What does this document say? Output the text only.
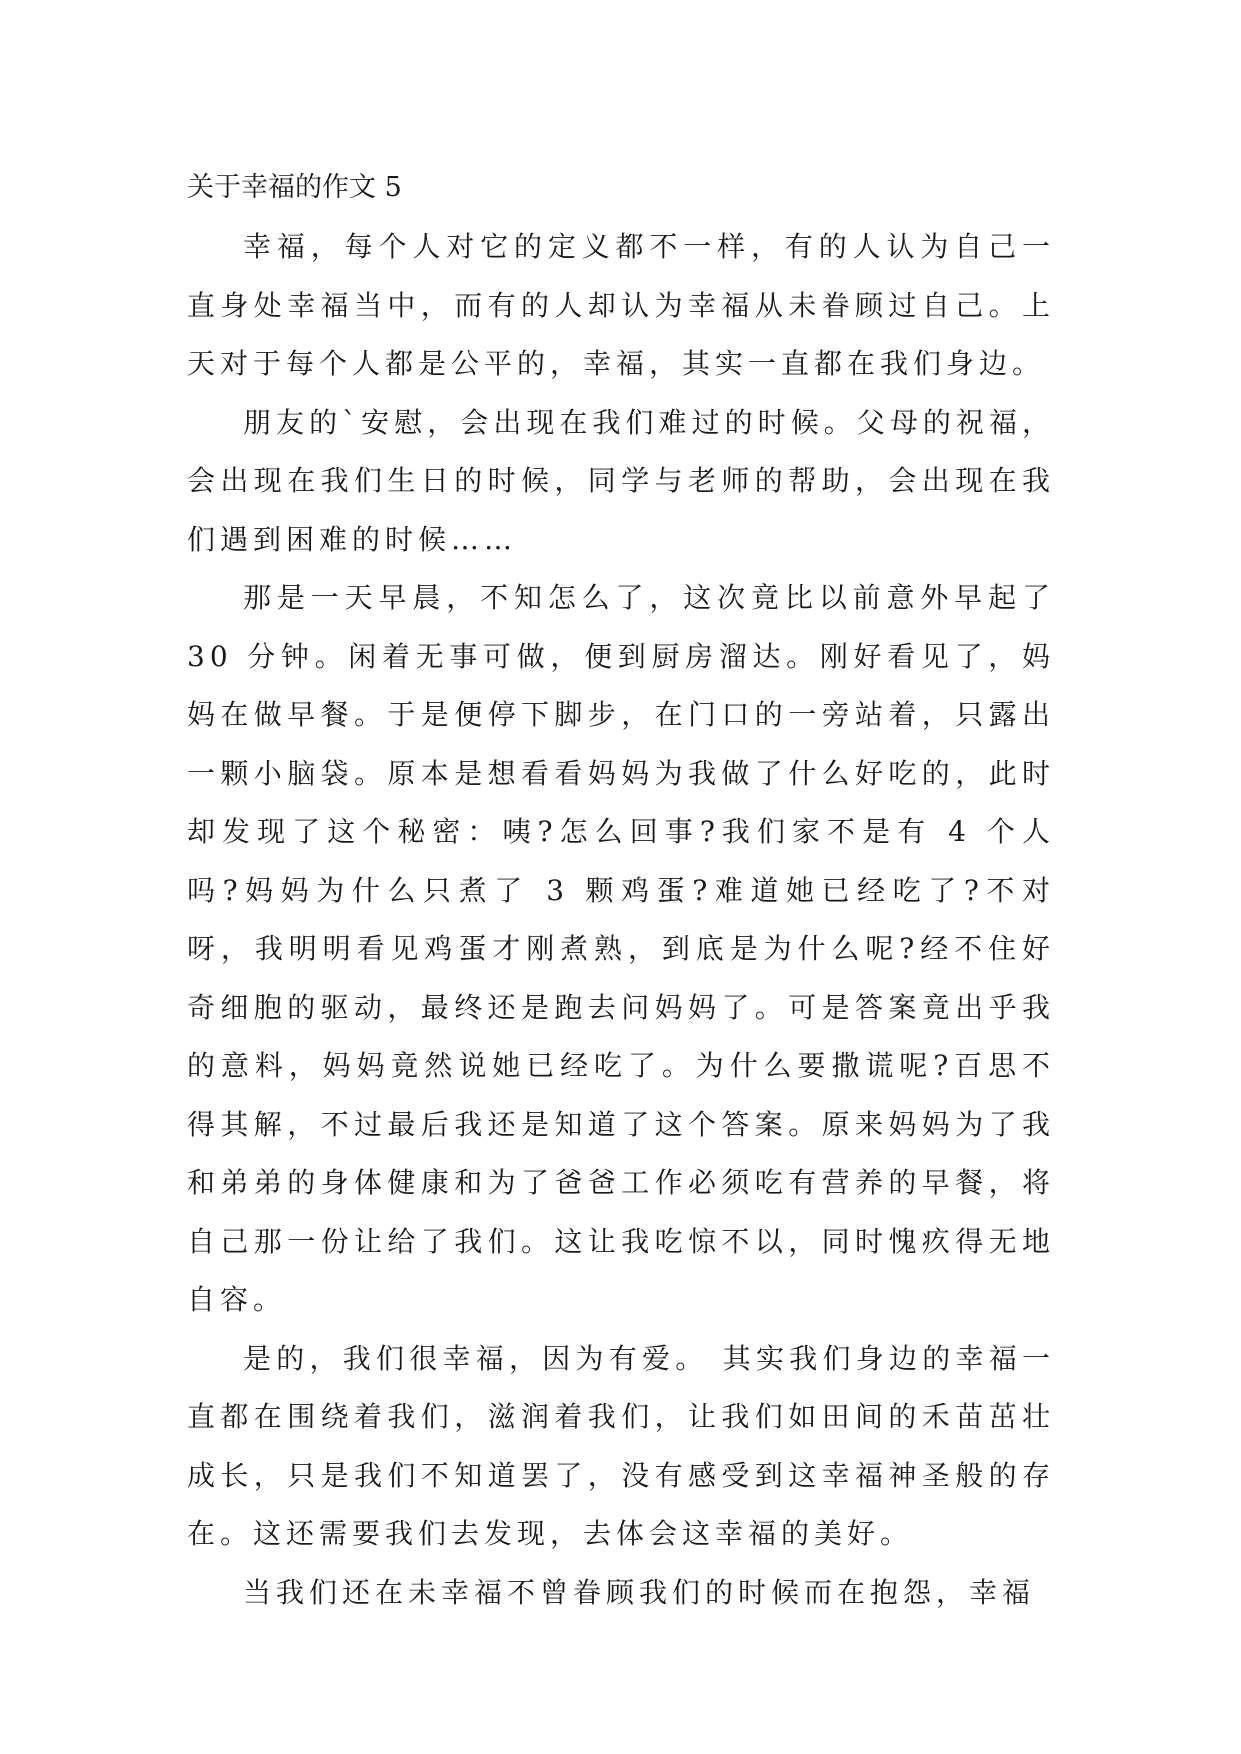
关于幸福的作文 5

幸福，每个人对它的定义都不一样，有的人认为自己一直身处幸福当中，而有的人却认为幸福从未眷顾过自己。上天对于每个人都是公平的，幸福，其实一直都在我们身边。

朋友的`安慰，会出现在我们难过的时候。父母的祝福，会出现在我们生日的时候，同学与老师的帮助，会出现在我们遇到困难的时候……

那是一天早晨，不知怎么了，这次竟比以前意外早起了 30 分钟。闲着无事可做，便到厨房溜达。刚好看见了，妈妈在做早餐。于是便停下脚步，在门口的一旁站着，只露出一颗小脑袋。原本是想看看妈妈为我做了什么好吃的，此时却发现了这个秘密：咦?怎么回事?我们家不是有 4 个人吗?妈妈为什么只煮了 3 颗鸡蛋?难道她已经吃了?不对呀，我明明看见鸡蛋才刚煮熟，到底是为什么呢?经不住好奇细胞的驱动，最终还是跑去问妈妈了。可是答案竟出乎我的意料，妈妈竟然说她已经吃了。为什么要撒谎呢?百思不得其解，不过最后我还是知道了这个答案。原来妈妈为了我和弟弟的身体健康和为了爸爸工作必须吃有营养的早餐，将自己那一份让给了我们。这让我吃惊不以，同时愧疚得无地自容。

是的，我们很幸福，因为有爱。 其实我们身边的幸福一直都在围绕着我们，滋润着我们，让我们如田间的禾苗茁壮成长，只是我们不知道罢了，没有感受到这幸福神圣般的存在。这还需要我们去发现，去体会这幸福的美好。

当我们还在未幸福不曾眷顾我们的时候而在抱怨，幸福
